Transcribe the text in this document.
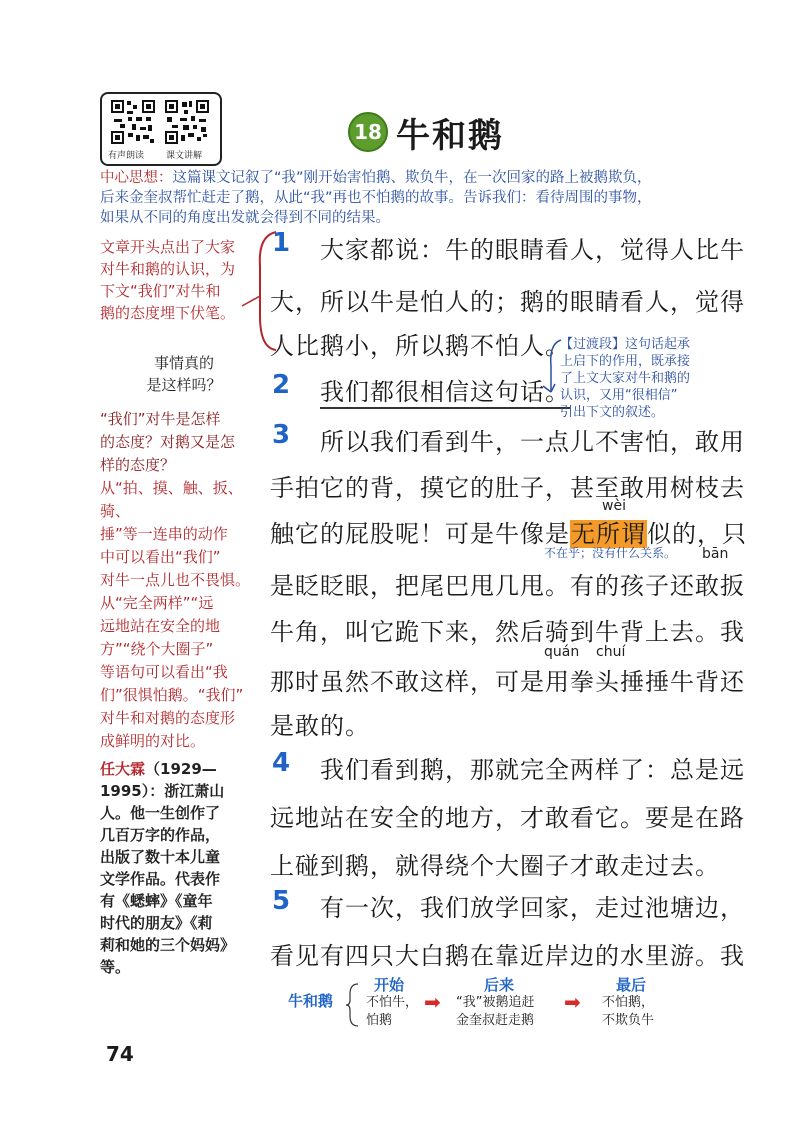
有声朗读 课文讲解
18 牛和鹅
中心思想：这篇课文记叙了“我”刚开始害怕鹅、欺负牛，在一次回家的路上被鹅欺负，
后来金奎叔帮忙赶走了鹅，从此“我”再也不怕鹅的故事。告诉我们：看待周围的事物，
如果从不同的角度出发就会得到不同的结果。
文章开头点出了大家
对牛和鹅的认识，为
下文“我们”对牛和
鹅的态度埋下伏笔。
事情真的
是这样吗？
“我们”对牛是怎样
的态度？对鹅又是怎
样的态度？
从“拍、摸、触、扳、骑、
捶”等一连串的动作
中可以看出“我们”
对牛一点儿也不畏惧。
从“完全两样”“远
远地站在安全的地
方”“绕个大圈子”
等语句可以看出“我
们”很惧怕鹅。“我们”
对牛和对鹅的态度形
成鲜明的对比。
任大霖（1929—
1995）：浙江萧山
人。他一生创作了
几百万字的作品，
出版了数十本儿童
文学作品。代表作
有《蟋蟀》《童年
时代的朋友》《莉
莉和她的三个妈妈》
等。
1 大家都说：牛的眼睛看人，觉得人比牛
大，所以牛是怕人的；鹅的眼睛看人，觉得
人比鹅小，所以鹅不怕人。
2 我们都很相信这句话。
3 所以我们看到牛，一点儿不害怕，敢用
手拍它的背，摸它的肚子，甚至敢用树枝去
触它的屁股呢！可是牛像是无所谓似的，只
是眨眨眼，把尾巴甩几甩。有的孩子还敢扳
牛角，叫它跪下来，然后骑到牛背上去。我
那时虽然不敢这样，可是用拳头捶捶牛背还
是敢的。
4 我们看到鹅，那就完全两样了：总是远
远地站在安全的地方，才敢看它。要是在路
上碰到鹅，就得绕个大圈子才敢走过去。
5 有一次，我们放学回家，走过池塘边，
看见有四只大白鹅在靠近岸边的水里游。我
wèi
不在乎；没有什么关系。 bān
quán chuí
【过渡段】这句话起承
上启下的作用，既承接
了上文大家对牛和鹅的
认识，又用“很相信”
引出下文的叙述。
牛和鹅
开始
不怕牛，
怕鹅
➡
后来
“我”被鹅追赶
金奎叔赶走鹅
➡
最后
不怕鹅，
不欺负牛
74
